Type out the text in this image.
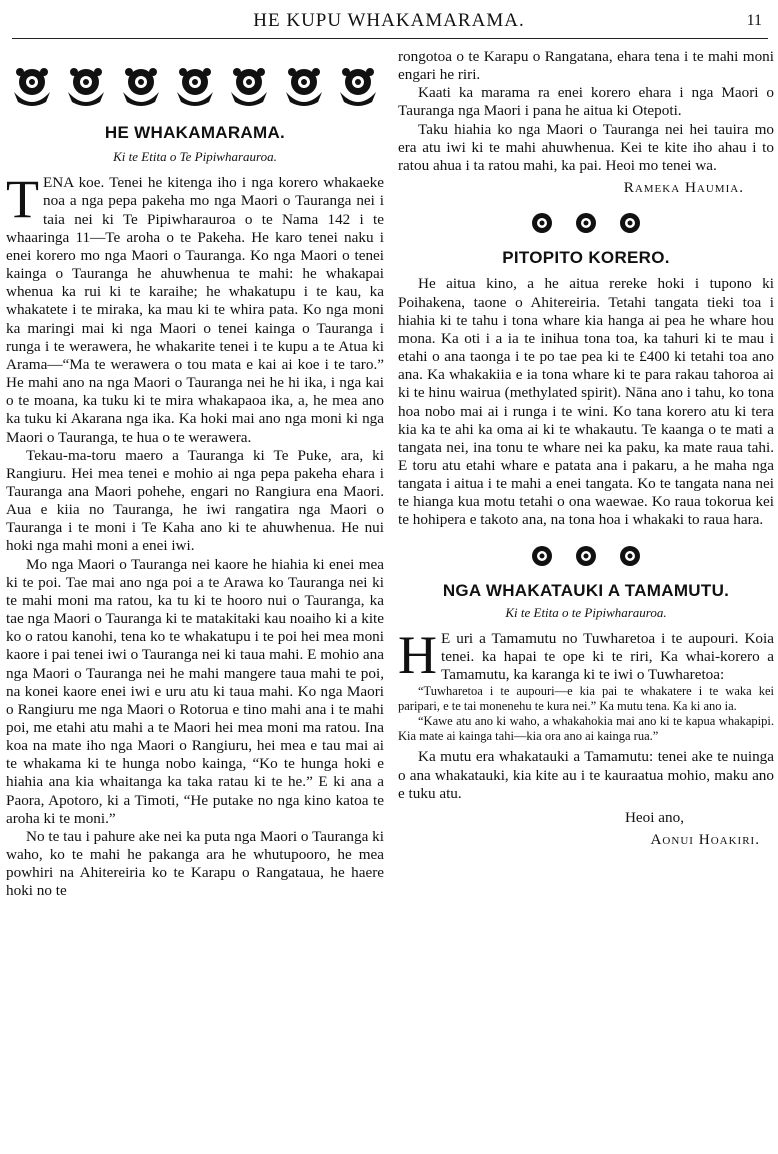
HE KUPU WHAKAMARAMA.	11
HE WHAKAMARAMA.
Ki te Etita o Te Pipiwharauroa.

TENA koe. Tenei he kitenga iho i nga korero whakaeke noa a nga pepa pakeha mo nga Maori o Tauranga nei i taia nei ki Te Pipiwharauroa o te Nama 142 i te whaaringa 11—Te aroha o te Pakeha. He karo tenei naku i enei korero mo nga Maori o Tauranga. Ko nga Maori o tenei kainga o Tauranga he ahuwhenua te mahi: he whakapai whenua ka rui ki te karaihe; he whakatupu i te kau, ka whakatete i te miraka, ka mau ki te whira pata. Ko nga moni ka maringi mai ki nga Maori o tenei kainga o Tauranga i runga i te werawera, he whakarite tenei i te kupu a te Atua ki Arama—“Ma te werawera o tou mata e kai ai koe i te taro.” He mahi ano na nga Maori o Tauranga nei he hi ika, i nga kai o te moana, ka tuku ki te mira whakapaoa ika, a, he mea ano ka tuku ki Akarana nga ika. Ka hoki mai ano nga moni ki nga Maori o Tauranga, te hua o te werawera.

Tekau-ma-toru maero a Tauranga ki Te Puke, ara, ki Rangiuru. Hei mea tenei e mohio ai nga pepa pakeha ehara i Tauranga ana Maori pohehe, engari no Rangiura ena Maori. Aua e kiia no Tauranga, he iwi rangatira nga Maori o Tauranga i te moni i Te Kaha ano ki te ahuwhenua. He nui hoki nga mahi moni a enei iwi.

Mo nga Maori o Tauranga nei kaore he hiahia ki enei mea ki te poi. Tae mai ano nga poi a te Arawa ko Tauranga nei ki te mahi moni ma ratou, ka tu ki te hooro nui o Tauranga, ka tae nga Maori o Tauranga ki te matakitaki kau noaiho ki a kite ko o ratou kanohi, tena ko te whakatupu i te poi hei mea moni kaore i pai tenei iwi o Tauranga nei ki taua mahi. E mohio ana nga Maori o Tauranga nei he mahi mangere taua mahi te poi, na konei kaore enei iwi e uru atu ki taua mahi. Ko nga Maori o Rangiuru me nga Maori o Rotorua e tino mahi ana i te mahi poi, me etahi atu mahi a te Maori hei mea moni ma ratou. Ina koa na mate iho nga Maori o Rangiuru, hei mea e tau mai ai te whakama ki te hunga nobo kainga, “Ko te hunga hoki e hiahia ana kia whaitanga ka taka ratau ki te he.” E ki ana a Paora, Apotoro, ki a Timoti, “He putake no nga kino katoa te aroha ki te moni.”

No te tau i pahure ake nei ka puta nga Maori o Tauranga ki waho, ko te mahi he pakanga ara he whutupooro, he mea powhiri na Ahitereiria ko te Karapu o Rangataua, he haere hoki no te

rongotoa o te Karapu o Rangatana, ehara tena i te mahi moni engari he riri.

Kaati ka marama ra enei korero ehara i nga Maori o Tauranga nga Maori i pana he aitua ki Otepoti.

Taku hiahia ko nga Maori o Tauranga nei hei tauira mo era atu iwi ki te mahi ahuwhenua. Kei te kite iho ahau i to ratou ahua i ta ratou mahi, ka pai. Heoi mo tenei wa.

Rameka Haumia.
PITOPITO KORERO.

He aitua kino, a he aitua rereke hoki i tupono ki Poihakena, taone o Ahitereiria. Tetahi tangata tieki toa i hiahia ki te tahu i tona whare kia hanga ai pea he whare hou mona. Ka oti i a ia te inihua tona toa, ka tahuri ki te mau i etahi o ana taonga i te po tae pea ki te £400 ki tetahi toa ano ana. Ka whakakiia e ia tona whare ki te para rakau tahoroa ai ki te hinu wairua (methylated spirit). Nāna ano i tahu, ko tona hoa nobo mai ai i runga i te wini. Ko tana korero atu ki tera kia ka te ahi ka oma ai ki te whakautu. Te kaanga o te mati a tangata nei, ina tonu te whare nei ka paku, ka mate raua tahi. E toru atu etahi whare e patata ana i pakaru, a he maha nga tangata i aitua i te mahi a enei tangata. Ko te tangata nana nei te hianga kua motu tetahi o ona waewae. Ko raua tokorua kei te hohipera e takoto ana, na tona hoa i whakaki to raua hara.

NGA WHAKATAUKI A TAMAMUTU.
Ki te Etita o te Pipiwharauroa.

H E uri a Tamamutu no Tuwharetoa i te aupouri. Koia tenei. ka hapai te ope ki te riri, Ka whai-korero a Tamamutu, ka karanga ki te iwi o Tuwharetoa:

“Tuwharetoa i te aupouri—e kia pai te whakatere i te waka kei paripari, e te tai monenehu te kura nei.” Ka mutu tena. Ka ki ano ia.

“Kawe atu ano ki waho, a whakahokia mai ano ki te kapua whakapipi. Kia mate ai kainga tahi—kia ora ano ai kainga rua.”

Ka mutu era whakatauki a Tamamutu: tenei ake te nuinga o ana whakatauki, kia kite au i te kauraatua mohio, maku ano e tuku atu.

Heoi ano,
Aonui Hoakiri.
